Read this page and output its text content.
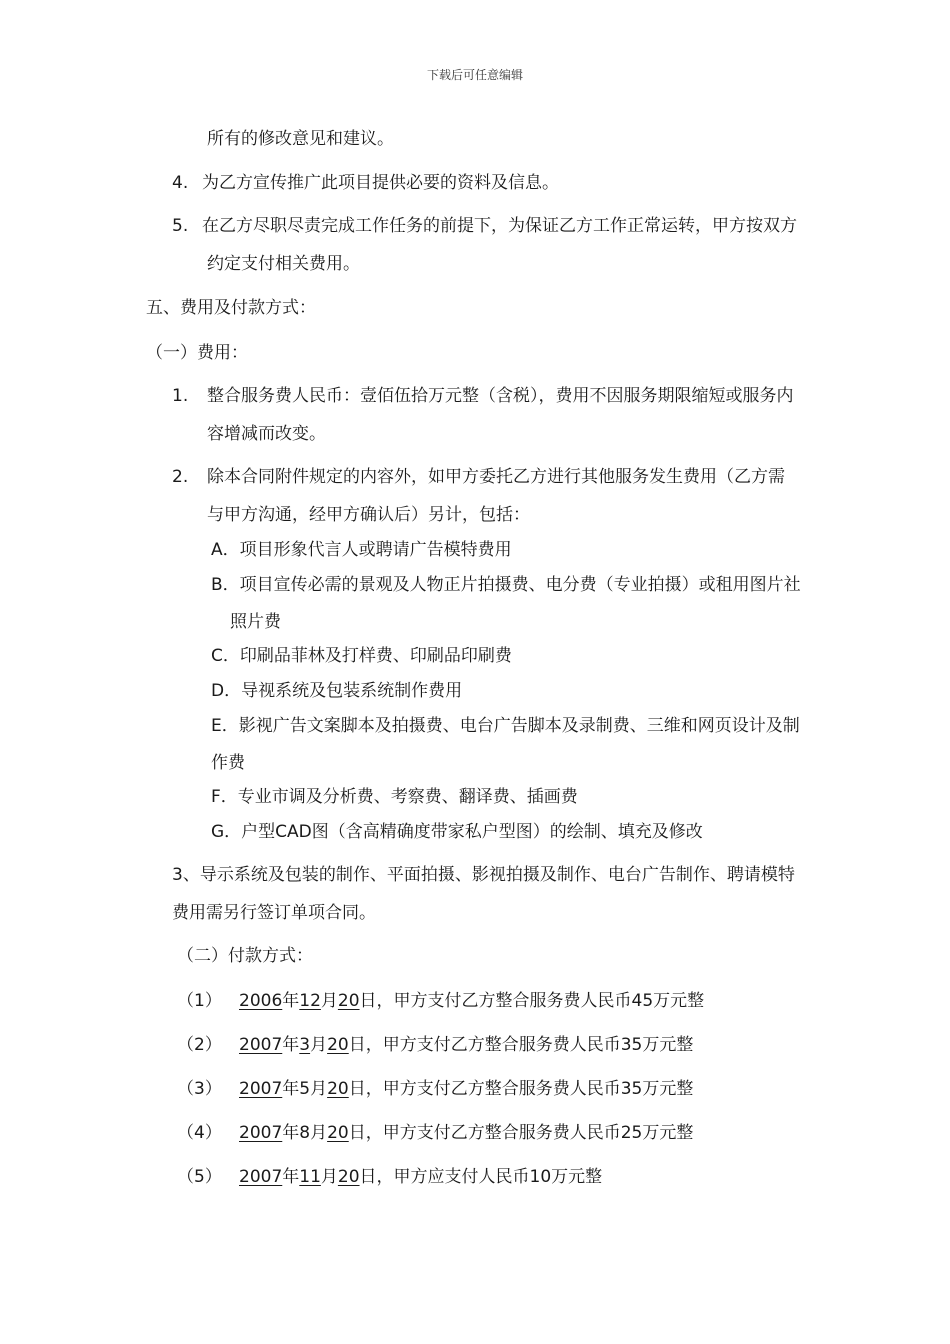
下载后可任意编辑
所有的修改意见和建议。
4. 为乙方宣传推广此项目提供必要的资料及信息。
5. 在乙方尽职尽责完成工作任务的前提下，为保证乙方工作正常运转，甲方按双方
约定支付相关费用。
五、费用及付款方式：
（一）费用：
1. 整合服务费人民币：壹佰伍拾万元整（含税），费用不因服务期限缩短或服务内
容增减而改变。
2. 除本合同附件规定的内容外，如甲方委托乙方进行其他服务发生费用（乙方需
与甲方沟通，经甲方确认后）另计，包括：
A．项目形象代言人或聘请广告模特费用
B．项目宣传必需的景观及人物正片拍摄费、电分费（专业拍摄）或租用图片社
照片费
C．印刷品菲林及打样费、印刷品印刷费
D．导视系统及包装系统制作费用
E．影视广告文案脚本及拍摄费、电台广告脚本及录制费、三维和网页设计及制
作费
F．专业市调及分析费、考察费、翻译费、插画费
G．户型CAD图（含高精确度带家私户型图）的绘制、填充及修改
3、导示系统及包装的制作、平面拍摄、影视拍摄及制作、电台广告制作、聘请模特
费用需另行签订单项合同。
（二）付款方式：
（1） 2006年12月20日，甲方支付乙方整合服务费人民币45万元整
（2） 2007年3月20日，甲方支付乙方整合服务费人民币35万元整
（3） 2007年5月20日，甲方支付乙方整合服务费人民币35万元整
（4） 2007年8月20日，甲方支付乙方整合服务费人民币25万元整
（5） 2007年11月20日，甲方应支付人民币10万元整
